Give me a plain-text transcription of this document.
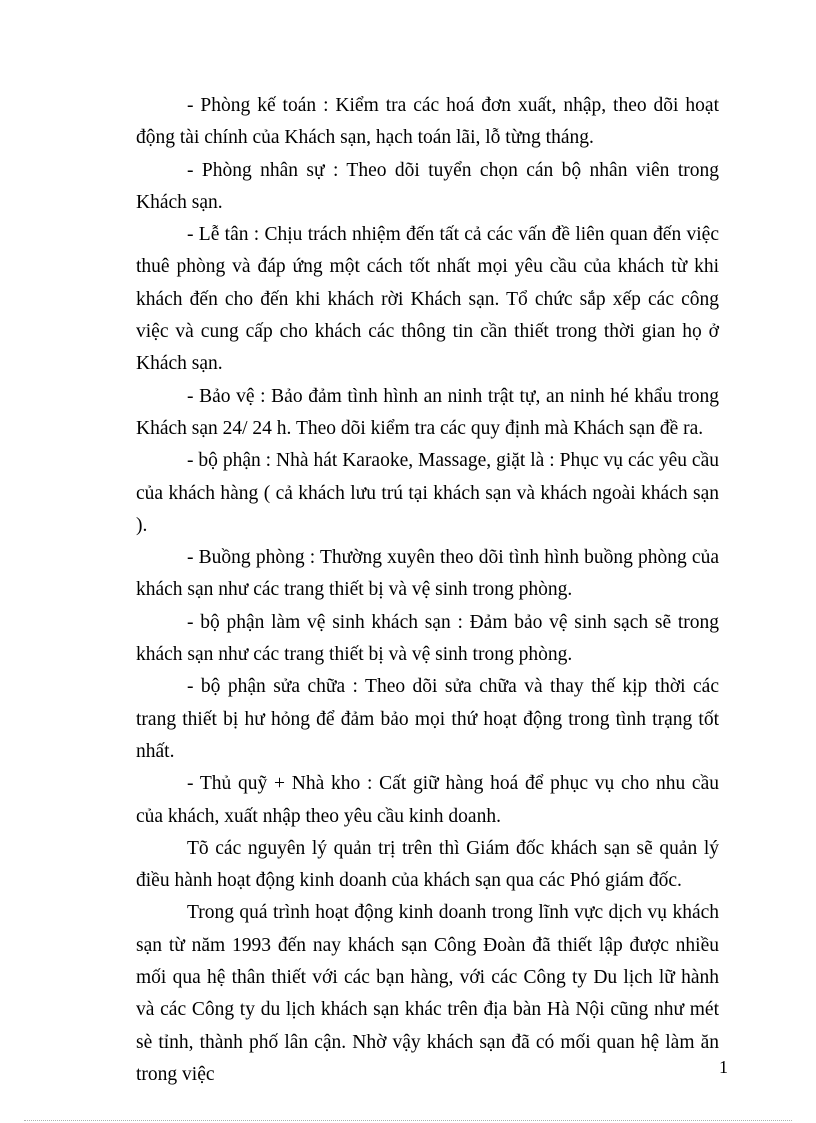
- Phòng kế toán : Kiểm tra các hoá đơn xuất, nhập, theo dõi hoạt động tài chính của Khách sạn, hạch toán lãi, lỗ từng tháng.

- Phòng nhân sự : Theo dõi tuyển chọn cán bộ nhân viên trong Khách sạn.

- Lễ tân : Chịu trách nhiệm đến tất cả các vấn đề liên quan đến việc thuê phòng và đáp ứng một cách tốt nhất mọi yêu cầu của khách từ khi khách đến cho đến khi khách rời Khách sạn. Tổ chức sắp xếp các công việc và cung cấp cho khách các thông tin cần thiết trong thời gian họ ở Khách sạn.

- Bảo vệ : Bảo đảm tình hình an ninh trật tự, an ninh hé khẩu trong Khách sạn 24/ 24 h. Theo dõi kiểm tra các quy định mà Khách sạn đề ra.

- bộ phận : Nhà hát Karaoke, Massage, giặt là : Phục vụ các yêu cầu của khách hàng ( cả khách lưu trú tại khách sạn và khách ngoài khách sạn ).

- Buồng phòng : Thường xuyên theo dõi tình hình buồng phòng của khách sạn như các trang thiết bị và vệ sinh trong phòng.

- bộ phận làm vệ sinh khách sạn : Đảm bảo vệ sinh sạch sẽ trong khách sạn như các trang thiết bị và vệ sinh trong phòng.

- bộ phận sửa chữa : Theo dõi sửa chữa và thay thế kịp thời các trang thiết bị hư hỏng để đảm bảo mọi thứ hoạt động trong tình trạng tốt nhất.

- Thủ quỹ + Nhà kho : Cất giữ hàng hoá để phục vụ cho nhu cầu của khách, xuất nhập theo yêu cầu kinh doanh.

Tõ các nguyên lý quản trị trên thì Giám đốc khách sạn sẽ quản lý điều hành hoạt động kinh doanh của khách sạn qua các Phó giám đốc.

Trong quá trình hoạt động kinh doanh trong lĩnh vực dịch vụ khách sạn từ năm 1993 đến nay khách sạn Công Đoàn đã thiết lập được nhiều mối qua hệ thân thiết với các bạn hàng, với các Công ty Du lịch lữ hành và các Công ty du lịch khách sạn khác trên địa bàn Hà Nội cũng như mét sè tỉnh, thành phố lân cận. Nhờ vậy khách sạn đã có mối quan hệ làm ăn trong việc	1
